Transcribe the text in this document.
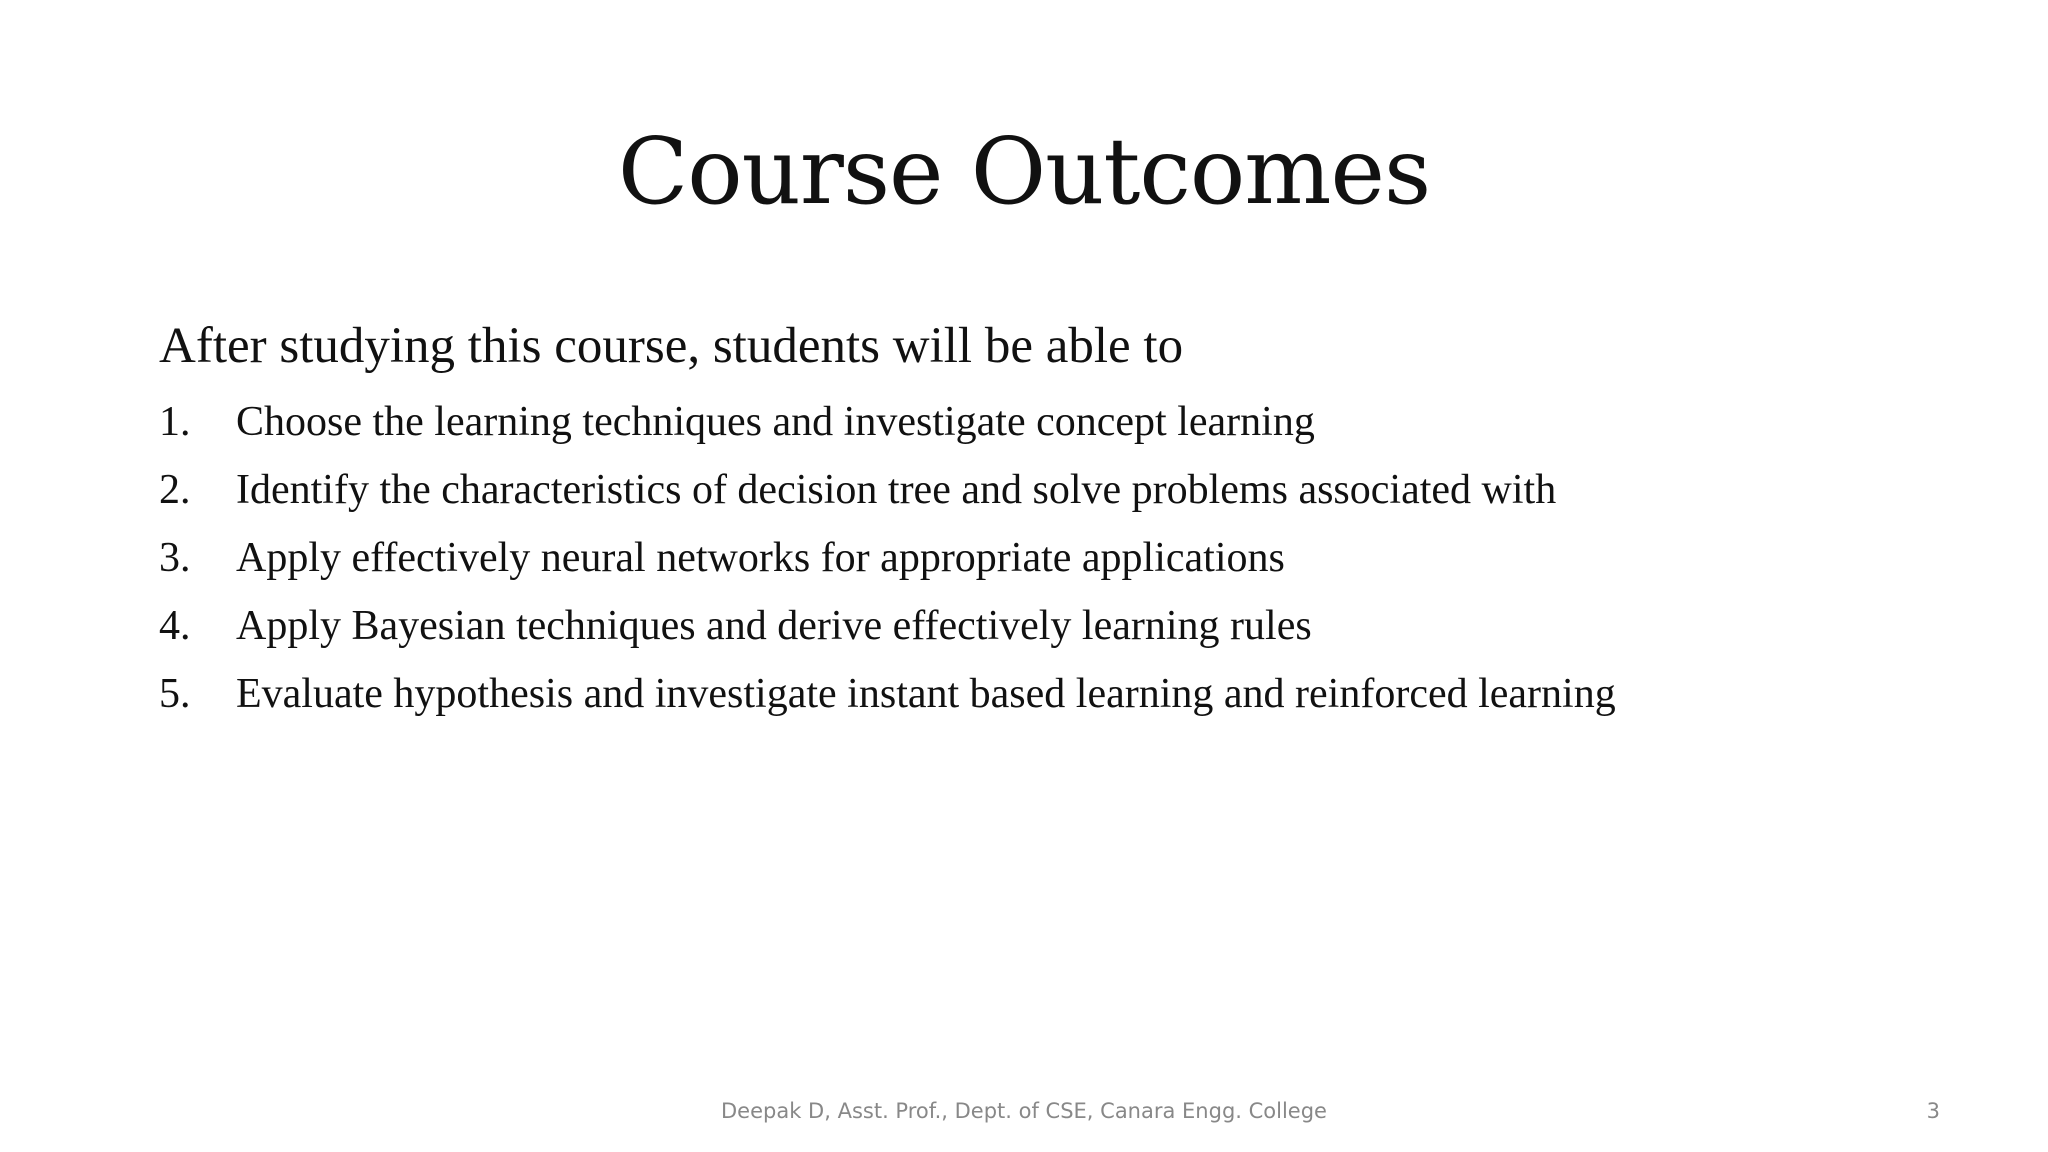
Course Outcomes
After studying this course, students will be able to
1.	Choose the learning techniques and investigate concept learning
2.	Identify the characteristics of decision tree and solve problems associated with
3.	Apply effectively neural networks for appropriate applications
4.	Apply Bayesian techniques and derive effectively learning rules
5.	Evaluate hypothesis and investigate instant based learning and reinforced learning
Deepak D, Asst. Prof., Dept. of CSE, Canara Engg. College	3
